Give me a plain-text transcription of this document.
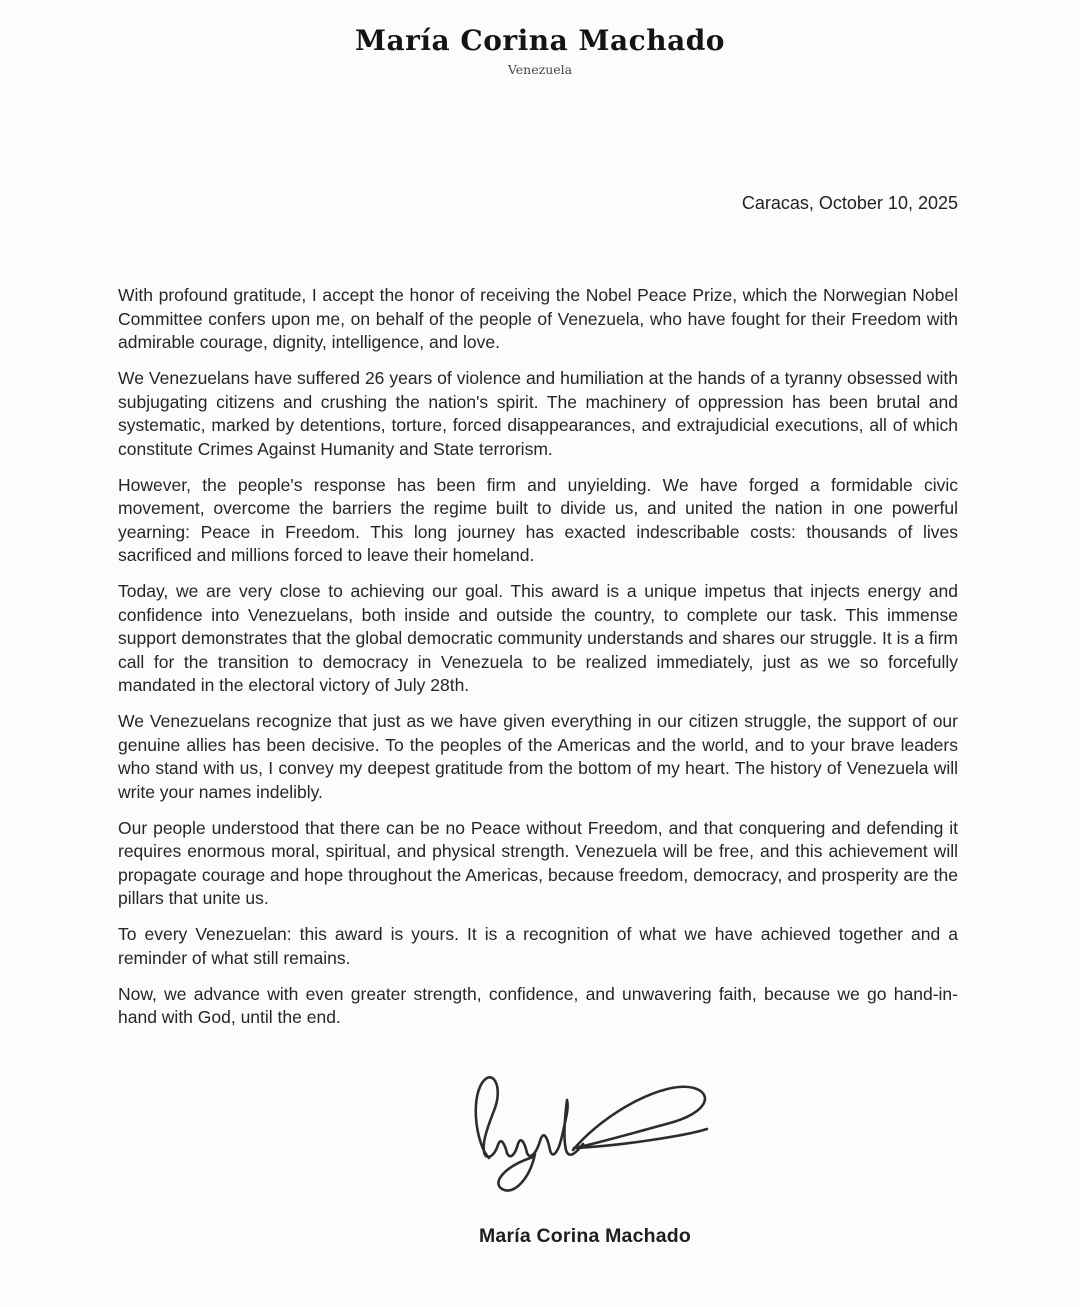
María Corina Machado
Venezuela
Caracas, October 10, 2025

With profound gratitude, I accept the honor of receiving the Nobel Peace Prize, which the Norwegian Nobel Committee confers upon me, on behalf of the people of Venezuela, who have fought for their Freedom with admirable courage, dignity, intelligence, and love.

We Venezuelans have suffered 26 years of violence and humiliation at the hands of a tyranny obsessed with subjugating citizens and crushing the nation's spirit. The machinery of oppression has been brutal and systematic, marked by detentions, torture, forced disappearances, and extrajudicial executions, all of which constitute Crimes Against Humanity and State terrorism.

However, the people's response has been firm and unyielding. We have forged a formidable civic movement, overcome the barriers the regime built to divide us, and united the nation in one powerful yearning: Peace in Freedom. This long journey has exacted indescribable costs: thousands of lives sacrificed and millions forced to leave their homeland.

Today, we are very close to achieving our goal. This award is a unique impetus that injects energy and confidence into Venezuelans, both inside and outside the country, to complete our task. This immense support demonstrates that the global democratic community understands and shares our struggle. It is a firm call for the transition to democracy in Venezuela to be realized immediately, just as we so forcefully mandated in the electoral victory of July 28th.

We Venezuelans recognize that just as we have given everything in our citizen struggle, the support of our genuine allies has been decisive. To the peoples of the Americas and the world, and to your brave leaders who stand with us, I convey my deepest gratitude from the bottom of my heart. The history of Venezuela will write your names indelibly.

Our people understood that there can be no Peace without Freedom, and that conquering and defending it requires enormous moral, spiritual, and physical strength. Venezuela will be free, and this achievement will propagate courage and hope throughout the Americas, because freedom, democracy, and prosperity are the pillars that unite us.

To every Venezuelan: this award is yours. It is a recognition of what we have achieved together and a reminder of what still remains.

Now, we advance with even greater strength, confidence, and unwavering faith, because we go hand-in-hand with God, until the end.

María Corina Machado
